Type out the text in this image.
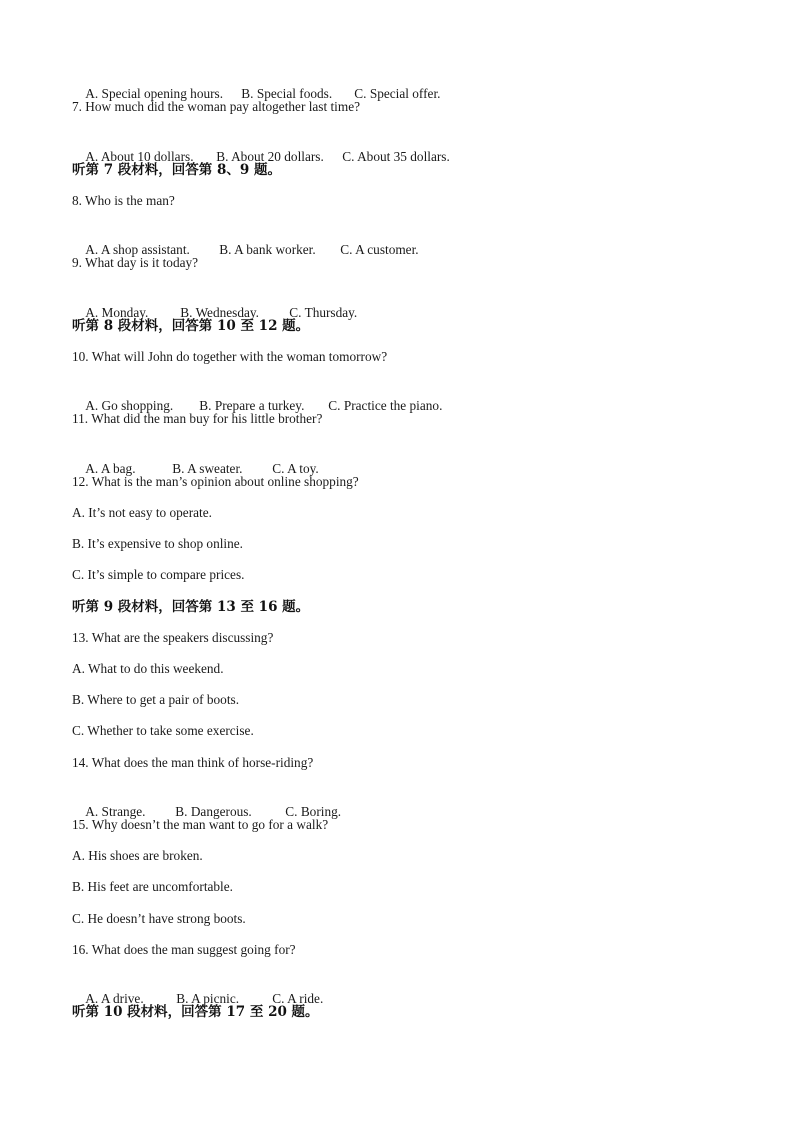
A. Special opening hours. B. Special foods. C. Special offer.

7. How much did the woman pay altogether last time?

A. About 10 dollars. B. About 20 dollars. C. About 35 dollars.

听第 7 段材料，回答第 8、9 题。
8. Who is the man?

A. A shop assistant. B. A bank worker. C. A customer.

9. What day is it today?

A. Monday. B. Wednesday. C. Thursday.

听第 8 段材料，回答第 10 至 12 题。
10. What will John do together with the woman tomorrow?

A. Go shopping. B. Prepare a turkey. C. Practice the piano.

11. What did the man buy for his little brother?

A. A bag.	B. A sweater. C. A toy.

12. What is the man’s opinion about online shopping?
A. It’s not easy to operate.
B. It’s expensive to shop online.
C. It’s simple to compare prices.
听第 9 段材料，回答第 13 至 16 题。
13. What are the speakers discussing?
A. What to do this weekend.
B. Where to get a pair of boots.
C. Whether to take some exercise.
14. What does the man think of horse-riding?

A. Strange. B. Dangerous.	C. Boring.

15. Why doesn’t the man want to go for a walk?
A. His shoes are broken.
B. His feet are uncomfortable.
C. He doesn’t have strong boots.
16. What does the man suggest going for?

A. A drive. B. A picnic. C. A ride.

听第 10 段材料，回答第 17 至 20 题。
